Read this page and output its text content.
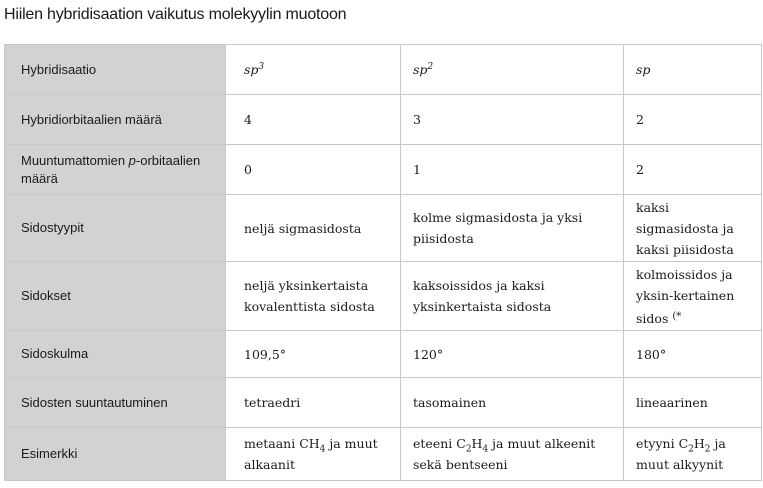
Hiilen hybridisaation vaikutus molekyylin muotoon
Hybridisaatio	$sp^3$	$sp^2$	sp
Hybridiorbitaalien määrä	4	3	2
Muuntumattomien p-orbitaalien määrä	0	1	2
Sidostyypit	neljä sigmasidosta	kolme sigmasidosta ja yksi piisidosta	kaksi sigmasidosta ja kaksi piisidosta
Sidokset	neljä yksinkertaista kovalenttista sidosta	kaksoissidos ja kaksi yksinkertaista sidosta	kolmoissidos ja yksin-kertainen sidos (*
Sidoskulma	109,5°	120°	180°
Sidosten suuntautuminen	tetraedri	tasomainen	lineaarinen
Esimerkki	metaani $CH_4$ ja muut alkaanit	eteeni $C_2H_4$ ja muut alkeenit sekä bentseeni	etyyni $C_2H_2$ ja muut alkyynit
